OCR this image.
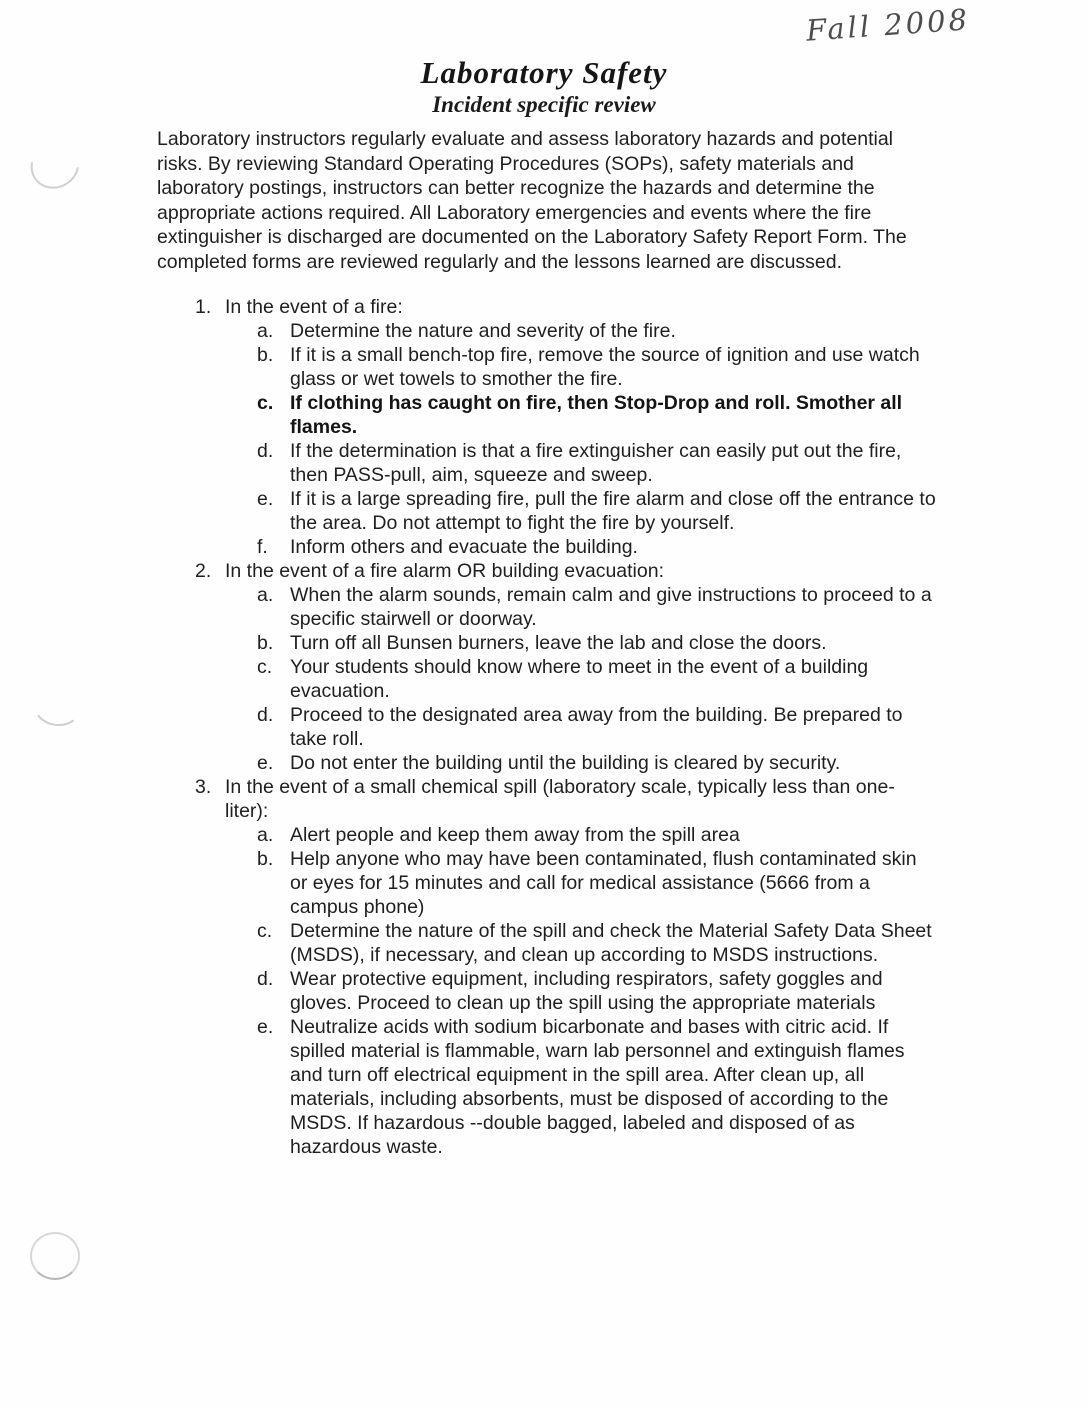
Fall 2008
Laboratory Safety
Incident specific review

Laboratory instructors regularly evaluate and assess laboratory hazards and potential risks. By reviewing Standard Operating Procedures (SOPs), safety materials and laboratory postings, instructors can better recognize the hazards and determine the appropriate actions required. All Laboratory emergencies and events where the fire extinguisher is discharged are documented on the Laboratory Safety Report Form. The completed forms are reviewed regularly and the lessons learned are discussed.

1. In the event of a fire:
a. Determine the nature and severity of the fire.
b. If it is a small bench-top fire, remove the source of ignition and use watch glass or wet towels to smother the fire.
c. If clothing has caught on fire, then Stop-Drop and roll. Smother all flames.
d. If the determination is that a fire extinguisher can easily put out the fire, then PASS-pull, aim, squeeze and sweep.
e. If it is a large spreading fire, pull the fire alarm and close off the entrance to the area. Do not attempt to fight the fire by yourself.
f.	Inform others and evacuate the building.
2. In the event of a fire alarm OR building evacuation:
a. When the alarm sounds, remain calm and give instructions to proceed to a specific stairwell or doorway.
b. Turn off all Bunsen burners, leave the lab and close the doors.
c. Your students should know where to meet in the event of a building evacuation.
d. Proceed to the designated area away from the building. Be prepared to take roll.
e. Do not enter the building until the building is cleared by security.
3. In the event of a small chemical spill (laboratory scale, typically less than one-liter):
a. Alert people and keep them away from the spill area
b. Help anyone who may have been contaminated, flush contaminated skin or eyes for 15 minutes and call for medical assistance (5666 from a campus phone)
c. Determine the nature of the spill and check the Material Safety Data Sheet (MSDS), if necessary, and clean up according to MSDS instructions.
d. Wear protective equipment, including respirators, safety goggles and gloves. Proceed to clean up the spill using the appropriate materials
e. Neutralize acids with sodium bicarbonate and bases with citric acid. If spilled material is flammable, warn lab personnel and extinguish flames and turn off electrical equipment in the spill area. After clean up, all materials, including absorbents, must be disposed of according to the MSDS. If hazardous --double bagged, labeled and disposed of as hazardous waste.
